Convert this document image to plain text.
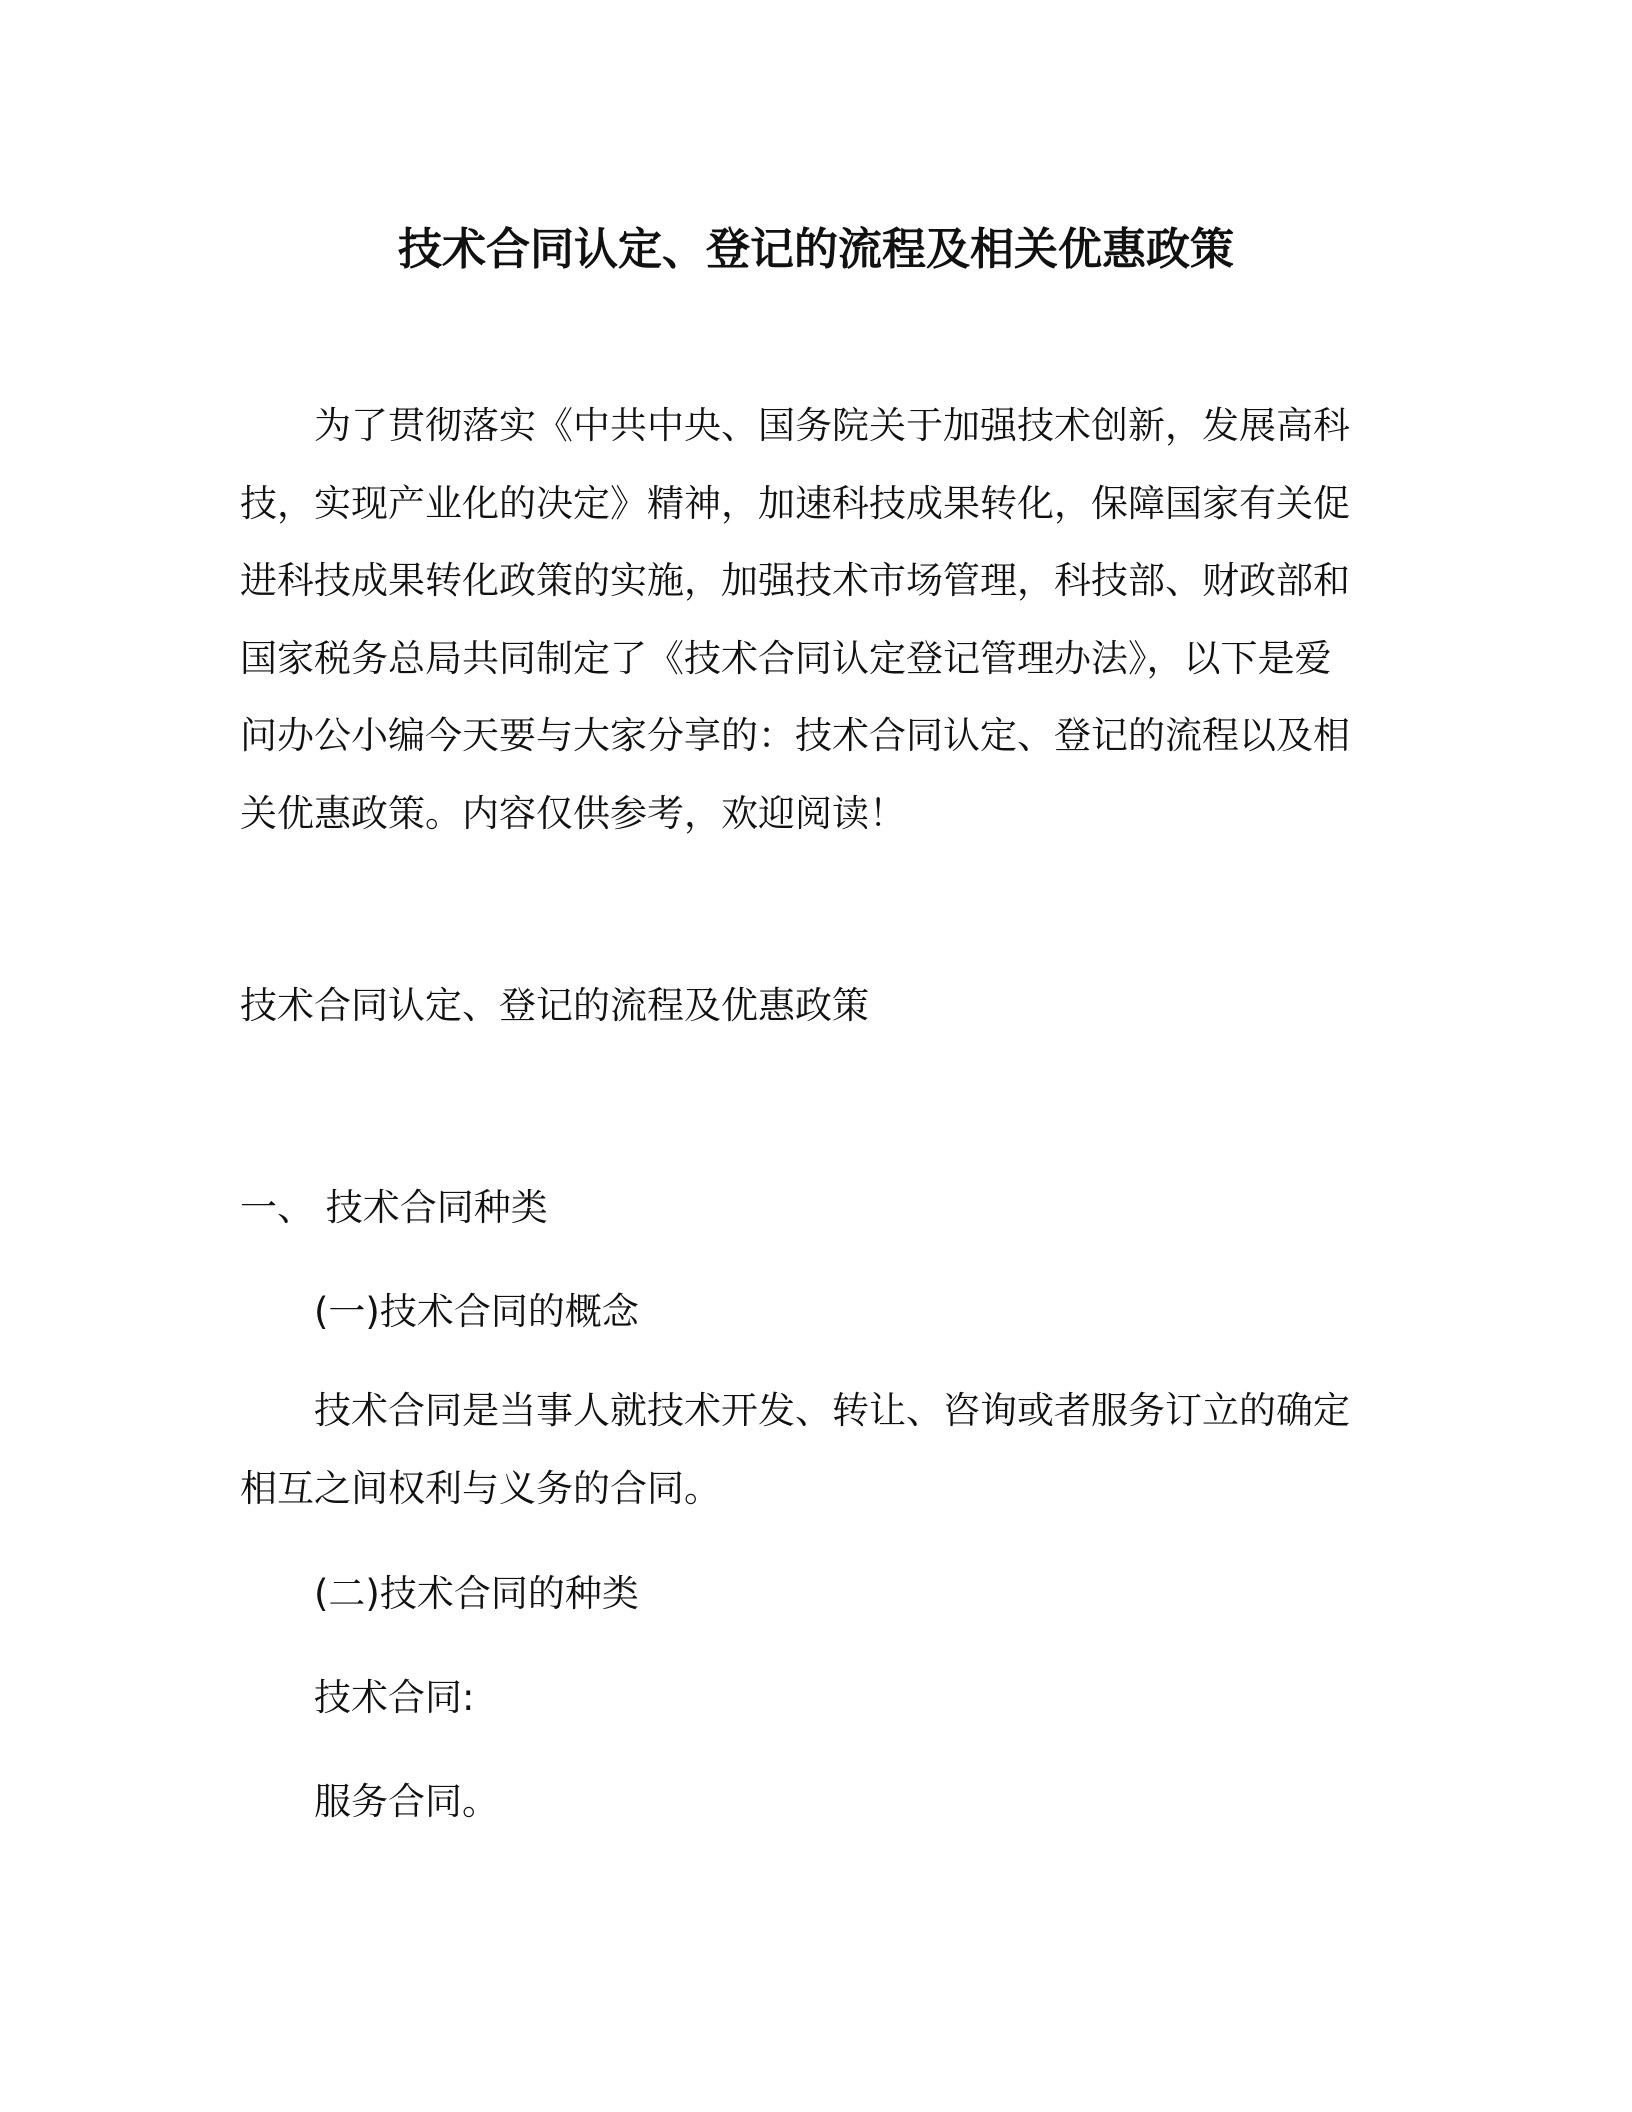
技术合同认定、登记的流程及相关优惠政策

为了贯彻落实《中共中央、国务院关于加强技术创新，发展高科技，实现产业化的决定》精神，加速科技成果转化，保障国家有关促进科技成果转化政策的实施，加强技术市场管理，科技部、财政部和国家税务总局共同制定了《技术合同认定登记管理办法》，以下是爱问办公小编今天要与大家分享的：技术合同认定、登记的流程以及相关优惠政策。内容仅供参考，欢迎阅读！

技术合同认定、登记的流程及优惠政策
一、 技术合同种类
(一)技术合同的概念

技术合同是当事人就技术开发、转让、咨询或者服务订立的确定相互之间权利与义务的合同。

(二)技术合同的种类
技术合同:
服务合同。
